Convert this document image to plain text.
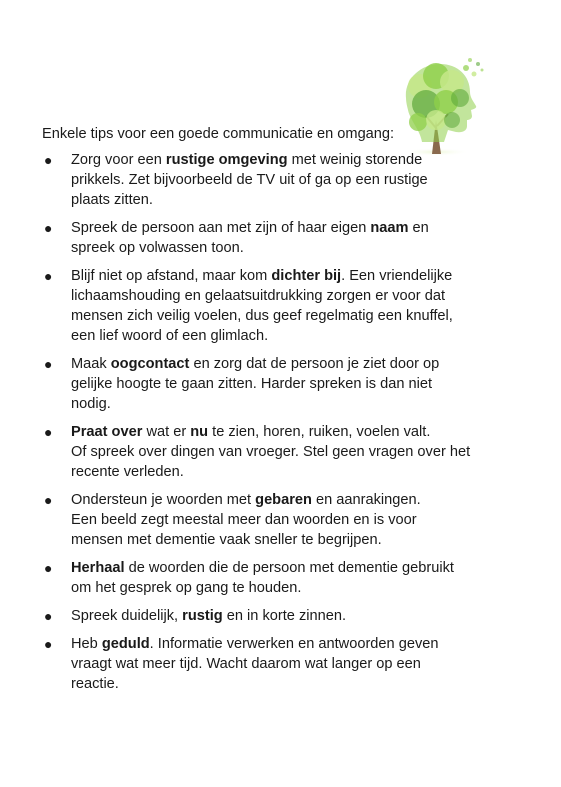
Enkele tips voor een goede communicatie en omgang:

● Zorg voor een rustige omgeving met weinig storende
prikkels. Zet bijvoorbeeld de TV uit of ga op een rustige
plaats zitten.
● Spreek de persoon aan met zijn of haar eigen naam en
spreek op volwassen toon.
● Blijf niet op afstand, maar kom dichter bij. Een vriendelijke
lichaamshouding en gelaatsuitdrukking zorgen er voor dat
mensen zich veilig voelen, dus geef regelmatig een knuffel,
een lief woord of een glimlach.
● Maak oogcontact en zorg dat de persoon je ziet door op
gelijke hoogte te gaan zitten. Harder spreken is dan niet
nodig.
● Praat over wat er nu te zien, horen, ruiken, voelen valt.
Of spreek over dingen van vroeger. Stel geen vragen over het
recente verleden.
● Ondersteun je woorden met gebaren en aanrakingen.
Een beeld zegt meestal meer dan woorden en is voor
mensen met dementie vaak sneller te begrijpen.
● Herhaal de woorden die de persoon met dementie gebruikt
om het gesprek op gang te houden.
● Spreek duidelijk, rustig en in korte zinnen.
● Heb geduld. Informatie verwerken en antwoorden geven
vraagt wat meer tijd. Wacht daarom wat langer op een
reactie.
